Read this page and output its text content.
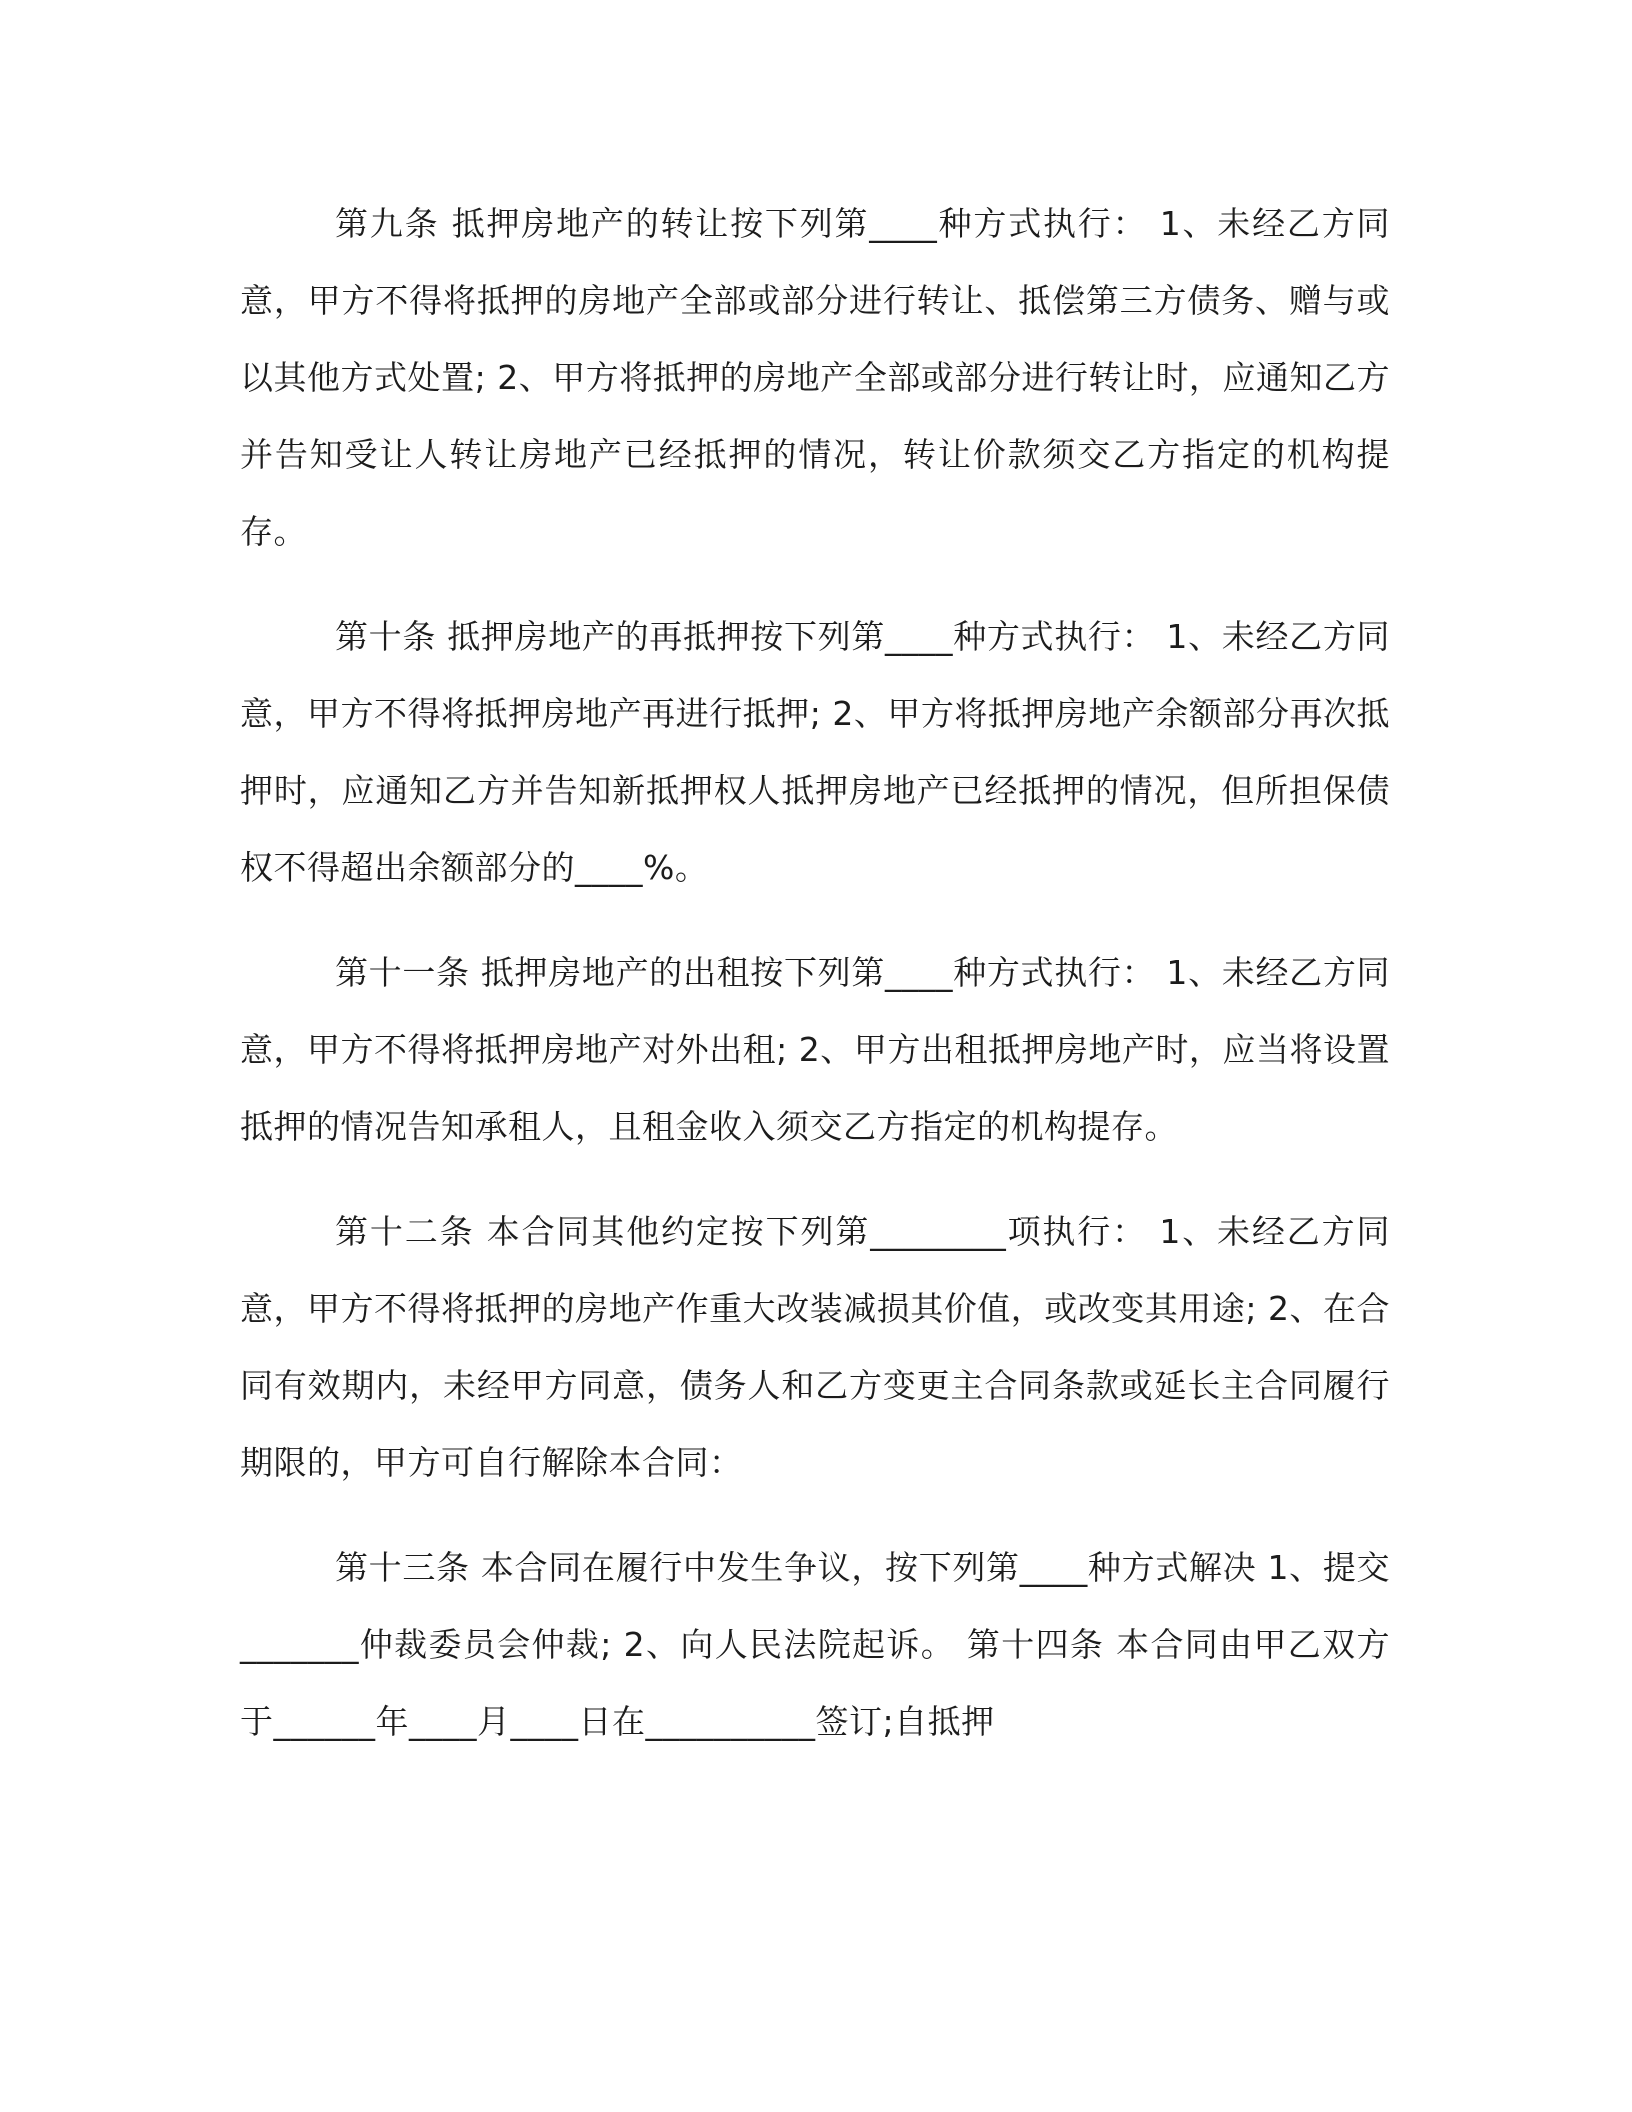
第九条 抵押房地产的转让按下列第____种方式执行： 1、未经乙方同意，甲方不得将抵押的房地产全部或部分进行转让、抵偿第三方债务、赠与或以其他方式处置; 2、甲方将抵押的房地产全部或部分进行转让时，应通知乙方并告知受让人转让房地产已经抵押的情况，转让价款须交乙方指定的机构提存。

第十条 抵押房地产的再抵押按下列第____种方式执行： 1、未经乙方同意，甲方不得将抵押房地产再进行抵押; 2、甲方将抵押房地产余额部分再次抵押时，应通知乙方并告知新抵押权人抵押房地产已经抵押的情况，但所担保债权不得超出余额部分的____%。

第十一条 抵押房地产的出租按下列第____种方式执行： 1、未经乙方同意，甲方不得将抵押房地产对外出租; 2、甲方出租抵押房地产时，应当将设置抵押的情况告知承租人，且租金收入须交乙方指定的机构提存。

第十二条 本合同其他约定按下列第________项执行： 1、未经乙方同意，甲方不得将抵押的房地产作重大改装减损其价值，或改变其用途; 2、在合同有效期内，未经甲方同意，债务人和乙方变更主合同条款或延长主合同履行期限的，甲方可自行解除本合同：

第十三条 本合同在履行中发生争议，按下列第____种方式解决 1、提交_______仲裁委员会仲裁; 2、向人民法院起诉。 第十四条 本合同由甲乙双方于______年____月____日在__________签订;自抵押
